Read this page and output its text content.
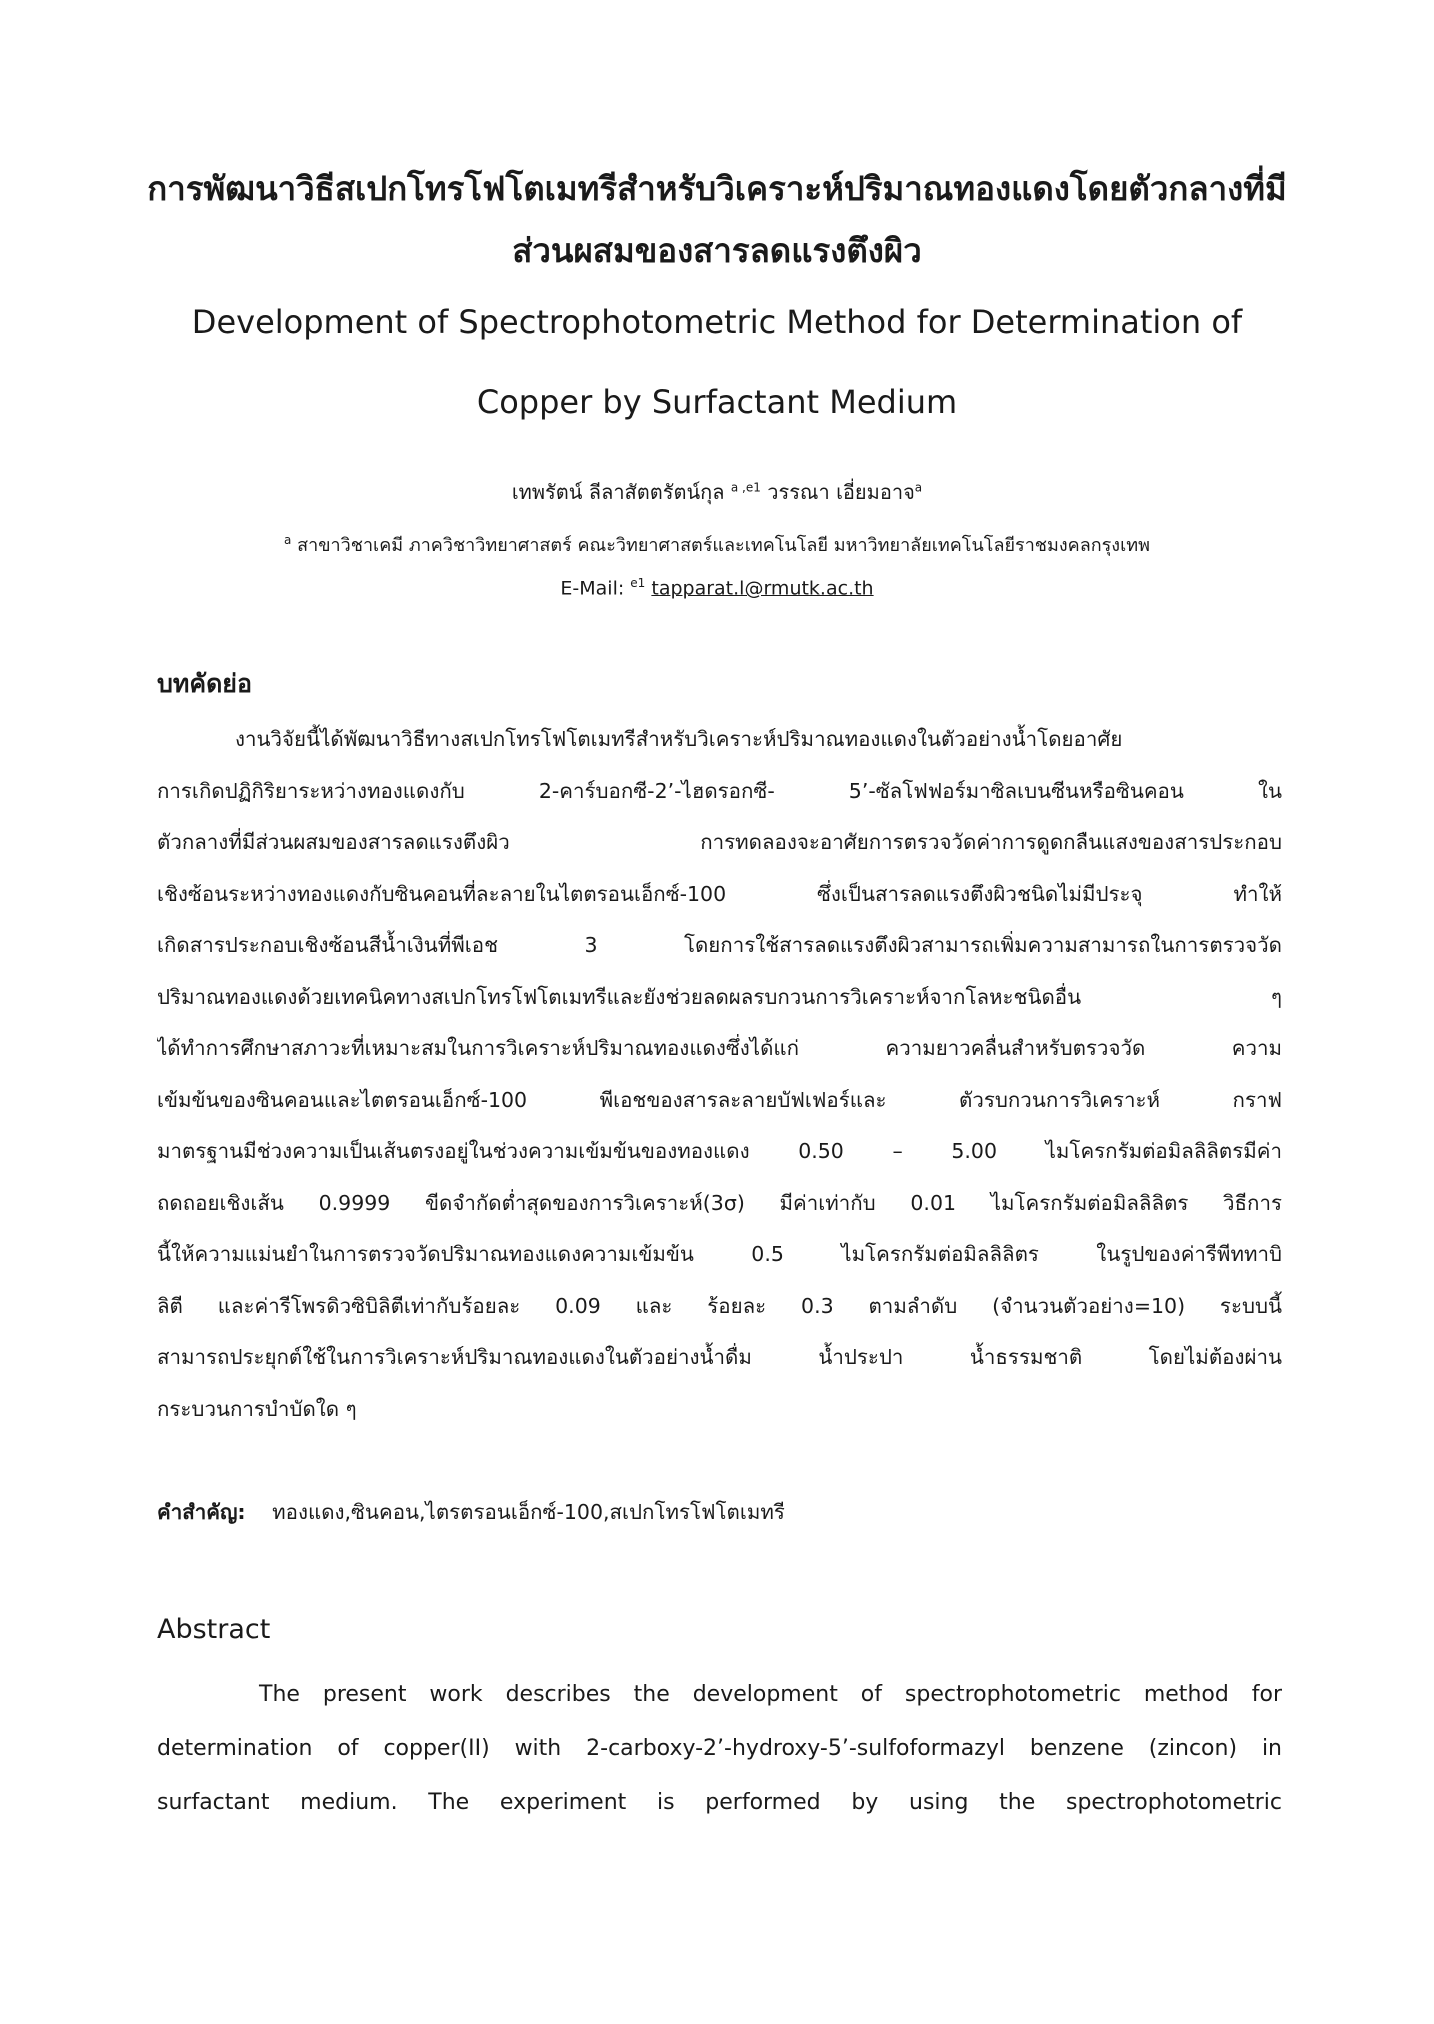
การพัฒนาวิธีสเปกโทรโฟโตเมทรีสำหรับวิเคราะห์ปริมาณทองแดงโดยตัวกลางที่มี
ส่วนผสมของสารลดแรงตึงผิว
Development of Spectrophotometric Method for Determination of
Copper by Surfactant Medium
เทพรัตน์ ลีลาสัตตรัตน์กุล $^{a ,e1}$ วรรณา เอี่ยมอาจ$^a$
$^a$ สาขาวิชาเคมี ภาควิชาวิทยาศาสตร์ คณะวิทยาศาสตร์และเทคโนโลยี มหาวิทยาลัยเทคโนโลยีราชมงคลกรุงเทพ
E-Mail: $^{e1}$ tapparat.l@rmutk.ac.th
บทคัดย่อ
งานวิจัยนี้ได้พัฒนาวิธีทางสเปกโทรโฟโตเมทรีสำหรับวิเคราะห์ปริมาณทองแดงในตัวอย่างน้ำโดยอาศัย
การเกิดปฏิกิริยาระหว่างทองแดงกับ 2-คาร์บอกซี-2’-ไฮดรอกซี- 5’-ซัลโฟฟอร์มาซิลเบนซีนหรือซินคอน ใน
ตัวกลางที่มีส่วนผสมของสารลดแรงตึงผิว การทดลองจะอาศัยการตรวจวัดค่าการดูดกลืนแสงของสารประกอบ
เชิงซ้อนระหว่างทองแดงกับซินคอนที่ละลายในไตตรอนเอ็กซ์-100 ซึ่งเป็นสารลดแรงตึงผิวชนิดไม่มีประจุ ทำให้
เกิดสารประกอบเชิงซ้อนสีน้ำเงินที่พีเอช 3 โดยการใช้สารลดแรงตึงผิวสามารถเพิ่มความสามารถในการตรวจวัด
ปริมาณทองแดงด้วยเทคนิคทางสเปกโทรโฟโตเมทรีและยังช่วยลดผลรบกวนการวิเคราะห์จากโลหะชนิดอื่น ๆ
ได้ทำการศึกษาสภาวะที่เหมาะสมในการวิเคราะห์ปริมาณทองแดงซึ่งได้แก่ ความยาวคลื่นสำหรับตรวจวัด ความ
เข้มข้นของซินคอนและไตตรอนเอ็กซ์-100 พีเอชของสารละลายบัฟเฟอร์และ ตัวรบกวนการวิเคราะห์ กราฟ
มาตรฐานมีช่วงความเป็นเส้นตรงอยู่ในช่วงความเข้มข้นของทองแดง 0.50 – 5.00 ไมโครกรัมต่อมิลลิลิตรมีค่า
ถดถอยเชิงเส้น 0.9999 ขีดจำกัดต่ำสุดของการวิเคราะห์(3σ) มีค่าเท่ากับ 0.01 ไมโครกรัมต่อมิลลิลิตร วิธีการ
นี้ให้ความแม่นยำในการตรวจวัดปริมาณทองแดงความเข้มข้น 0.5 ไมโครกรัมต่อมิลลิลิตร ในรูปของค่ารีพีททาบิ
ลิตี และค่ารีโพรดิวซิบิลิตีเท่ากับร้อยละ 0.09 และ ร้อยละ 0.3 ตามลำดับ (จำนวนตัวอย่าง=10) ระบบนี้
สามารถประยุกต์ใช้ในการวิเคราะห์ปริมาณทองแดงในตัวอย่างน้ำดื่ม น้ำประปา น้ำธรรมชาติ โดยไม่ต้องผ่าน
กระบวนการบำบัดใด ๆ
คำสำคัญ: ทองแดง,ซินคอน,ไตรตรอนเอ็กซ์-100,สเปกโทรโฟโตเมทรี
Abstract
The present work describes the development of spectrophotometric method for
determination of copper(II) with 2-carboxy-2’-hydroxy-5’-sulfoformazyl benzene (zincon) in
surfactant medium. The experiment is performed by using the spectrophotometric
